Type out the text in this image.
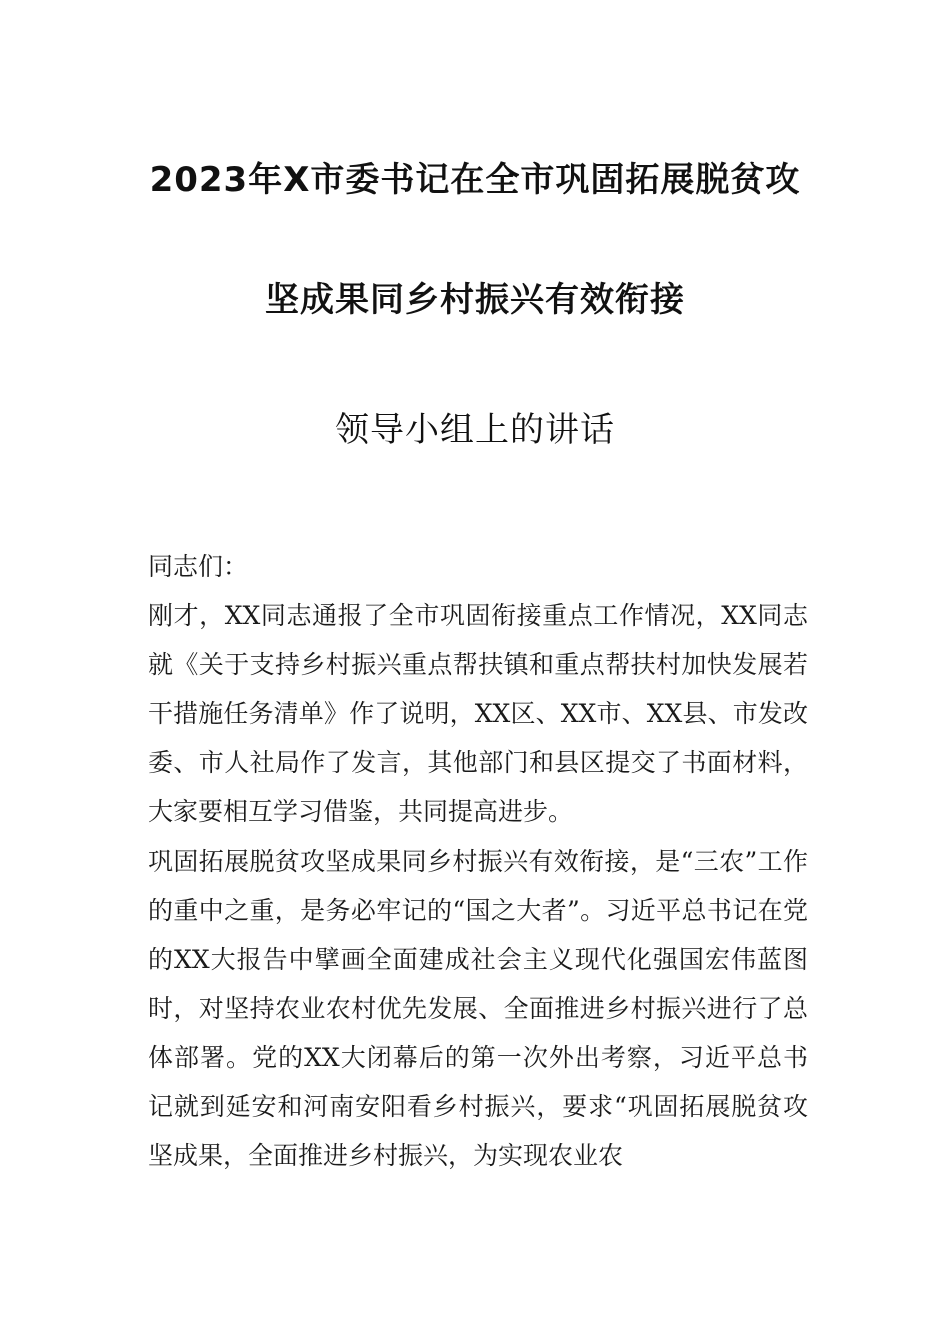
2023年X市委书记在全市巩固拓展脱贫攻
坚成果同乡村振兴有效衔接
领导小组上的讲话
同志们：

刚才，XX同志通报了全市巩固衔接重点工作情况，XX同志就《关于支持乡村振兴重点帮扶镇和重点帮扶村加快发展若干措施任务清单》作了说明，XX区、XX市、XX县、市发改委、市人社局作了发言，其他部门和县区提交了书面材料，大家要相互学习借鉴，共同提高进步。

巩固拓展脱贫攻坚成果同乡村振兴有效衔接，是“三农”工作的重中之重，是务必牢记的“国之大者”。习近平总书记在党的XX大报告中擘画全面建成社会主义现代化强国宏伟蓝图时，对坚持农业农村优先发展、全面推进乡村振兴进行了总体部署。党的XX大闭幕后的第一次外出考察，习近平总书记就到延安和河南安阳看乡村振兴，要求“巩固拓展脱贫攻坚成果，全面推进乡村振兴，为实现农业农
